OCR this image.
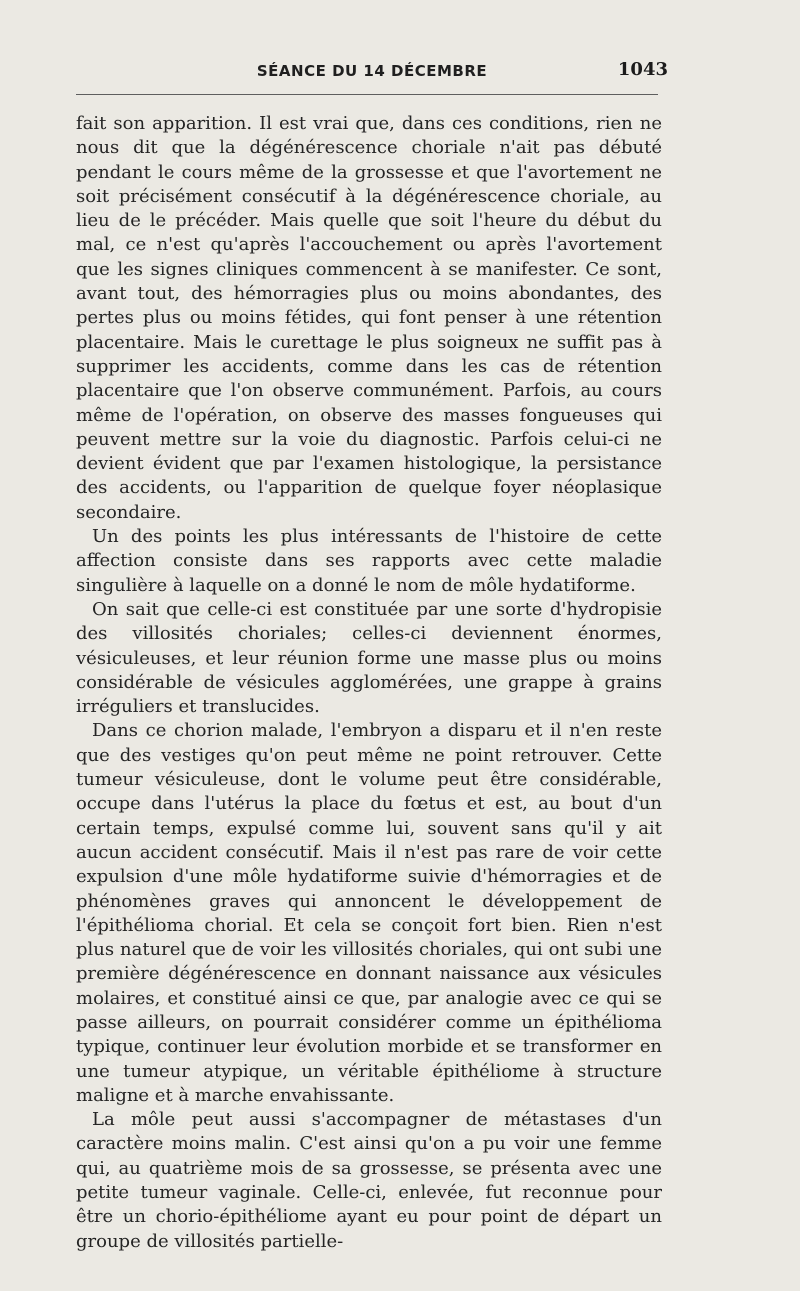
SÉANCE DU 14 DÉCEMBRE	1043

fait son apparition. Il est vrai que, dans ces conditions, rien ne nous dit que la dégénérescence choriale n'ait pas débuté pendant le cours même de la grossesse et que l'avortement ne soit précisément consécutif à la dégénérescence choriale, au lieu de le précéder. Mais quelle que soit l'heure du début du mal, ce n'est qu'après l'accouchement ou après l'avortement que les signes cliniques commencent à se manifester. Ce sont, avant tout, des hémorragies plus ou moins abondantes, des pertes plus ou moins fétides, qui font penser à une rétention placentaire. Mais le curettage le plus soigneux ne suffit pas à supprimer les accidents, comme dans les cas de rétention placentaire que l'on observe communément. Parfois, au cours même de l'opération, on observe des masses fongueuses qui peuvent mettre sur la voie du diagnostic. Parfois celui-ci ne devient évident que par l'examen histologique, la persistance des accidents, ou l'apparition de quelque foyer néoplasique secondaire.

Un des points les plus intéressants de l'histoire de cette affection consiste dans ses rapports avec cette maladie singulière à laquelle on a donné le nom de môle hydatiforme.

On sait que celle-ci est constituée par une sorte d'hydropisie des villosités choriales; celles-ci deviennent énormes, vésiculeuses, et leur réunion forme une masse plus ou moins considérable de vésicules agglomérées, une grappe à grains irréguliers et translucides.

Dans ce chorion malade, l'embryon a disparu et il n'en reste que des vestiges qu'on peut même ne point retrouver. Cette tumeur vésiculeuse, dont le volume peut être considérable, occupe dans l'utérus la place du fœtus et est, au bout d'un certain temps, expulsé comme lui, souvent sans qu'il y ait aucun accident consécutif. Mais il n'est pas rare de voir cette expulsion d'une môle hydatiforme suivie d'hémorragies et de phénomènes graves qui annoncent le développement de l'épithélioma chorial. Et cela se conçoit fort bien. Rien n'est plus naturel que de voir les villosités choriales, qui ont subi une première dégénérescence en donnant naissance aux vésicules molaires, et constitué ainsi ce que, par analogie avec ce qui se passe ailleurs, on pourrait considérer comme un épithélioma typique, continuer leur évolution morbide et se transformer en une tumeur atypique, un véritable épithéliome à structure maligne et à marche envahissante.

La môle peut aussi s'accompagner de métastases d'un caractère moins malin. C'est ainsi qu'on a pu voir une femme qui, au quatrième mois de sa grossesse, se présenta avec une petite tumeur vaginale. Celle-ci, enlevée, fut reconnue pour être un chorio-épithéliome ayant eu pour point de départ un groupe de villosités partielle-
